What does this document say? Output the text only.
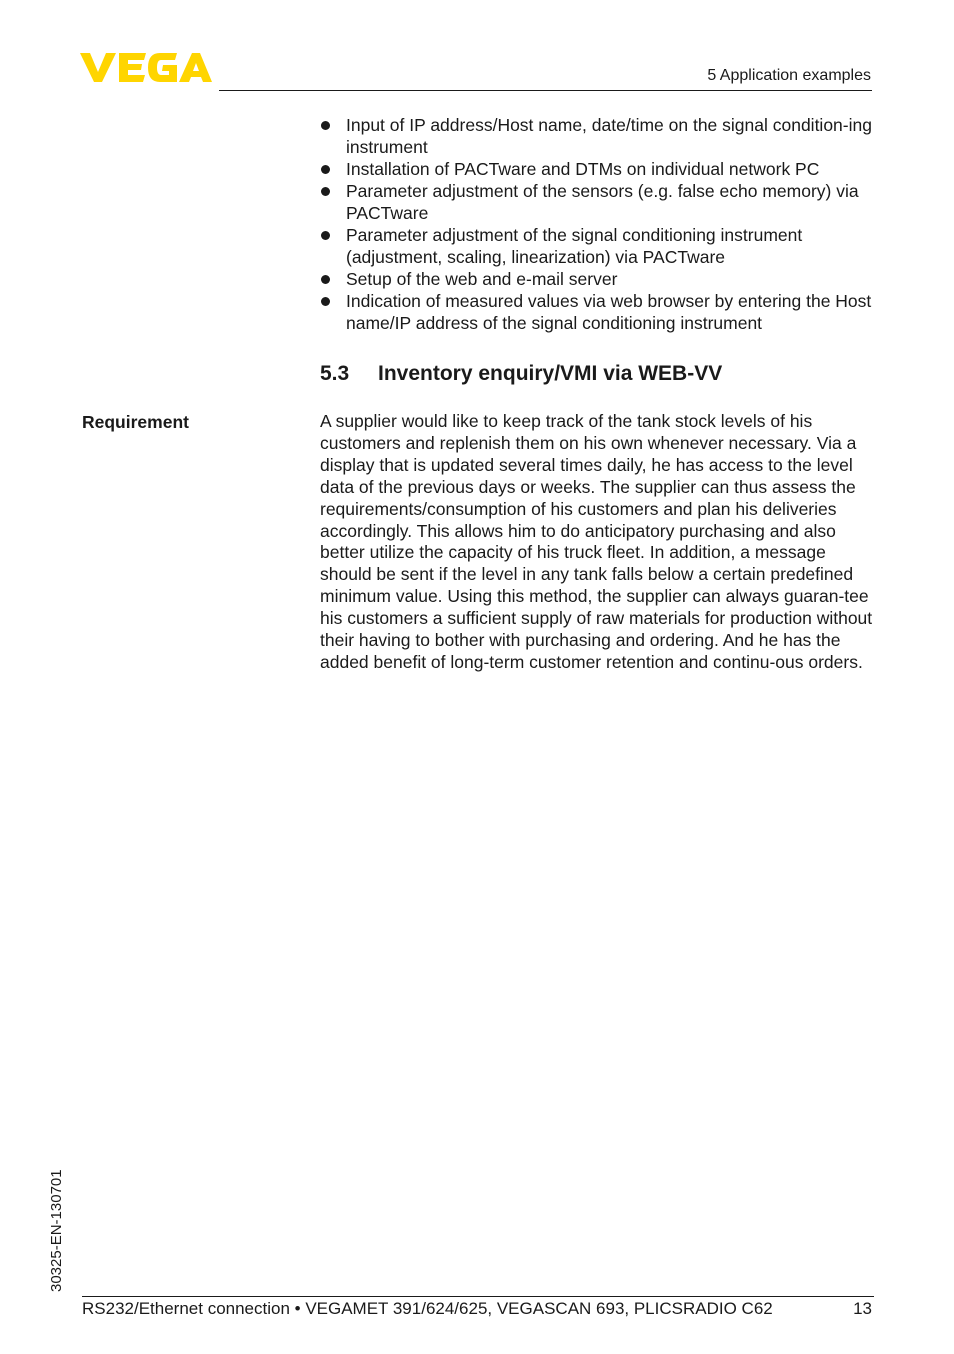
5 Application examples
Input of IP address/Host name, date/time on the signal condition-ing instrument
Installation of PACTware and DTMs on individual network PC
Parameter adjustment of the sensors (e.g. false echo memory) via PACTware
Parameter adjustment of the signal conditioning instrument (adjustment, scaling, linearization) via PACTware
Setup of the web and e-mail server
Indication of measured values via web browser by entering the Host name/IP address of the signal conditioning instrument
5.3 Inventory enquiry/VMI via WEB-VV
Requirement	A supplier would like to keep track of the tank stock levels of his customers and replenish them on his own whenever necessary. Via a display that is updated several times daily, he has access to the level data of the previous days or weeks. The supplier can thus assess the requirements/consumption of his customers and plan his deliveries accordingly. This allows him to do anticipatory purchasing and also better utilize the capacity of his truck fleet. In addition, a message should be sent if the level in any tank falls below a certain predefined minimum value. Using this method, the supplier can always guaran-tee his customers a sufficient supply of raw materials for production without their having to bother with purchasing and ordering. And he has the added benefit of long-term customer retention and continu-ous orders.

30325-EN-130701
RS232/Ethernet connection • VEGAMET 391/624/625, VEGASCAN 693, PLICSRADIO C62	13
